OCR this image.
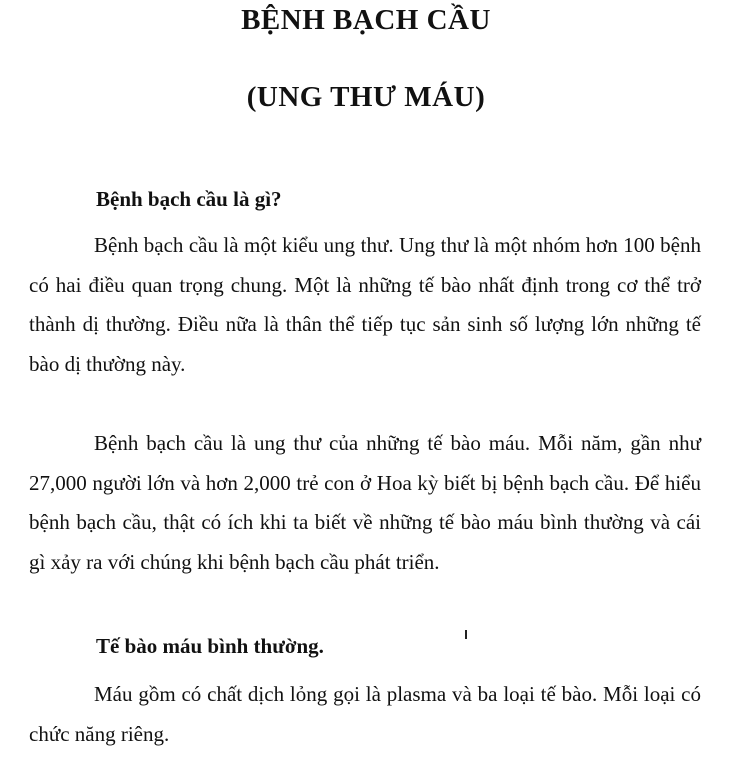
BỆNH BẠCH CẦU
(UNG THƯ MÁU)
Bệnh bạch cầu là gì?
Bệnh bạch cầu là một kiểu ung thư. Ung thư là một nhóm hơn 100 bệnh có hai điều quan trọng chung. Một là những tế bào nhất định trong cơ thể trở thành dị thường. Điều nữa là thân thể tiếp tục sản sinh số lượng lớn những tế bào dị thường này.
Bệnh bạch cầu là ung thư của những tế bào máu. Mỗi năm, gần như 27,000 người lớn và hơn 2,000 trẻ con ở Hoa kỳ biết bị bệnh bạch cầu. Để hiểu bệnh bạch cầu, thật có ích khi ta biết về những tế bào máu bình thường và cái gì xảy ra với chúng khi bệnh bạch cầu phát triển.
Tế bào máu bình thường.
Máu gồm có chất dịch lỏng gọi là plasma và ba loại tế bào. Mỗi loại có chức năng riêng.
